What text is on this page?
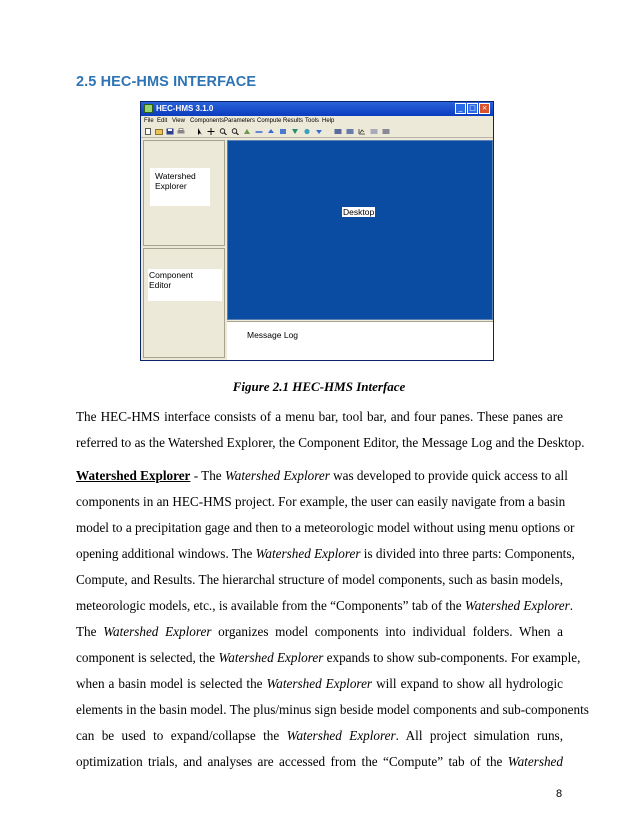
2.5 HEC-HMS INTERFACE
HEC-HMS 3.1.0	_ □ ×
File Edit View Components Parameters Compute Results Tools Help
Watershed
Explorer
Component
Editor
Desktop
Message Log
Figure 2.1 HEC-HMS Interface
The HEC-HMS interface consists of a menu bar, tool bar, and four panes. These panes are
referred to as the Watershed Explorer, the Component Editor, the Message Log and the Desktop.
Watershed Explorer - The Watershed Explorer was developed to provide quick access to all
components in an HEC-HMS project. For example, the user can easily navigate from a basin
model to a precipitation gage and then to a meteorologic model without using menu options or
opening additional windows. The Watershed Explorer is divided into three parts: Components,
Compute, and Results. The hierarchal structure of model components, such as basin models,
meteorologic models, etc., is available from the “Components” tab of the Watershed Explorer.
The Watershed Explorer organizes model components into individual folders. When a
component is selected, the Watershed Explorer expands to show sub-components. For example,
when a basin model is selected the Watershed Explorer will expand to show all hydrologic
elements in the basin model. The plus/minus sign beside model components and sub-components
can be used to expand/collapse the Watershed Explorer. All project simulation runs,
optimization trials, and analyses are accessed from the “Compute” tab of the Watershed
8
